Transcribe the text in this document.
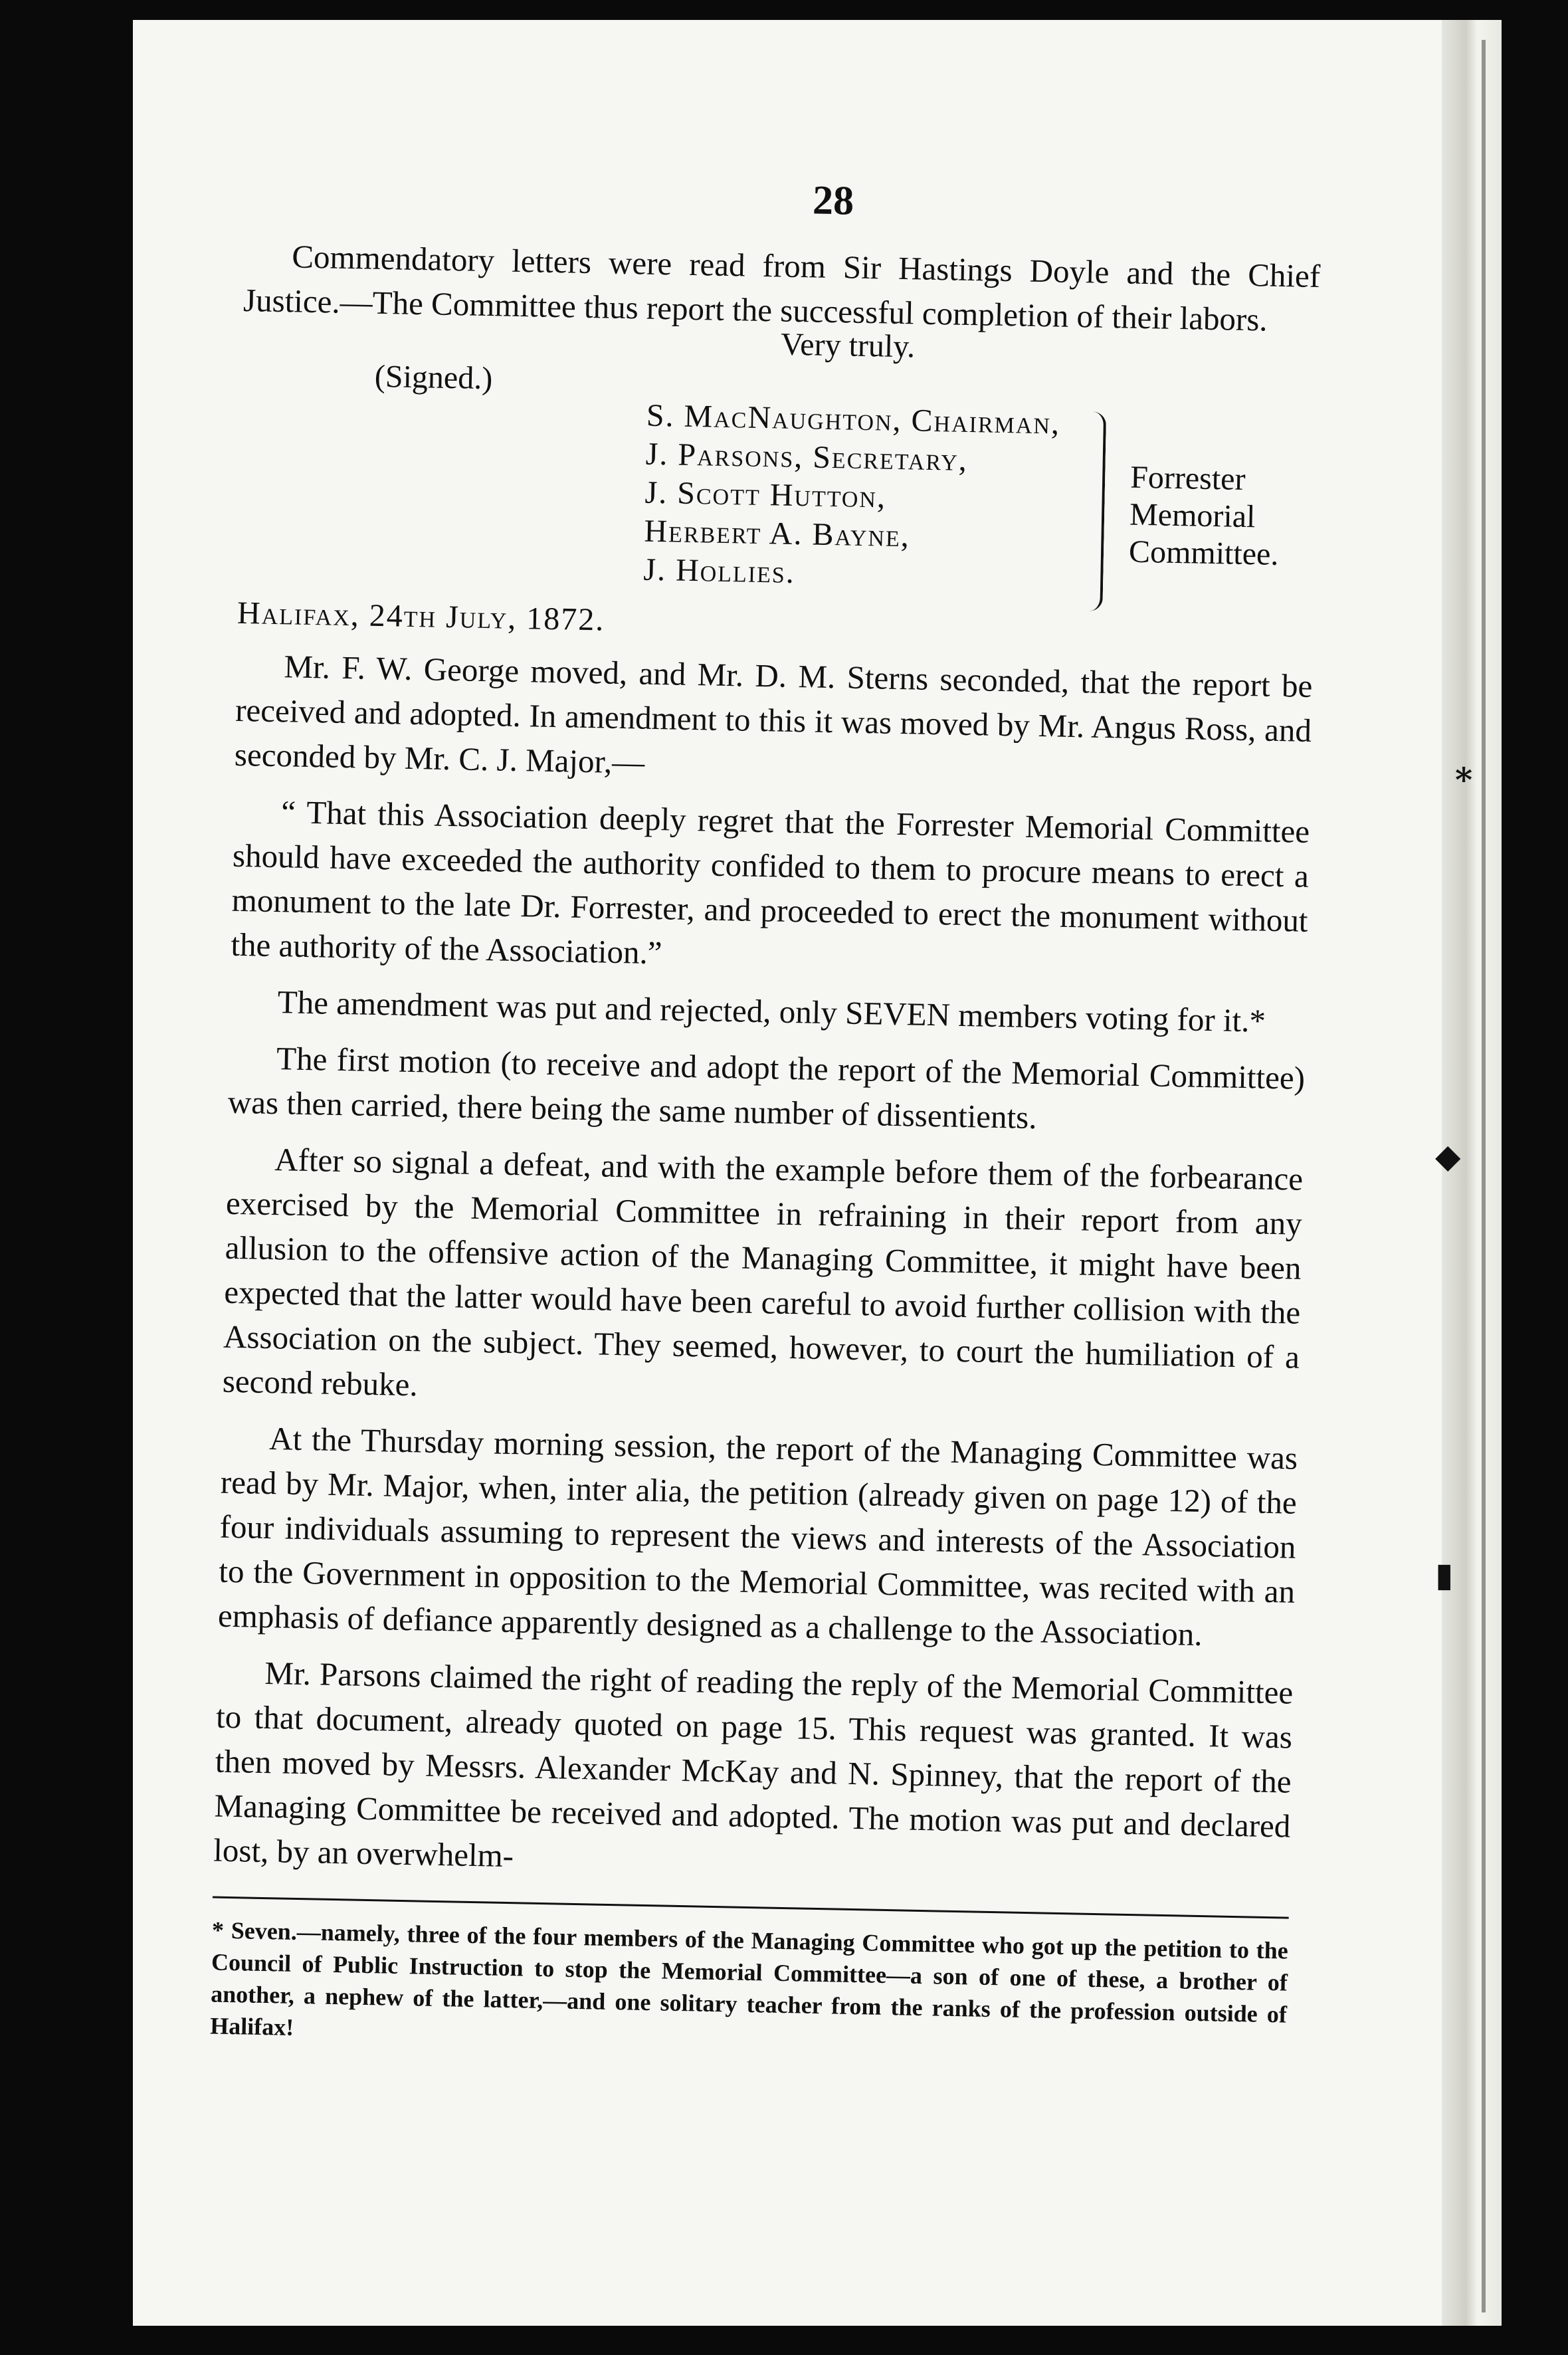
28

Commendatory letters were read from Sir Hastings Doyle and the Chief Justice.—The Committee thus report the successful completion of their labors.

Very truly.
(Signed.)
S. MacNaughton, Chairman,
J. Parsons, Secretary,
J. Scott Hutton,
Herbert A. Bayne,
J. Hollies.
Forrester
Memorial
Committee.
Halifax, 24th July, 1872.

Mr. F. W. George moved, and Mr. D. M. Sterns seconded, that the report be received and adopted. In amendment to this it was moved by Mr. Angus Ross, and seconded by Mr. C. J. Major,—

“ That this Association deeply regret that the Forrester Memorial Committee should have exceeded the authority confided to them to procure means to erect a monument to the late Dr. Forrester, and proceeded to erect the monument without the authority of the Association.”

The amendment was put and rejected, only SEVEN members voting for it.*

The first motion (to receive and adopt the report of the Memorial Committee) was then carried, there being the same number of dissentients.

After so signal a defeat, and with the example before them of the forbearance exercised by the Memorial Committee in refraining in their report from any allusion to the offensive action of the Managing Committee, it might have been expected that the latter would have been careful to avoid further collision with the Association on the subject. They seemed, however, to court the humiliation of a second rebuke.

At the Thursday morning session, the report of the Managing Committee was read by Mr. Major, when, inter alia, the petition (already given on page 12) of the four individuals assuming to represent the views and interests of the Association to the Government in opposition to the Memorial Committee, was recited with an emphasis of defiance apparently designed as a challenge to the Association.

Mr. Parsons claimed the right of reading the reply of the Memorial Committee to that document, already quoted on page 15. This request was granted. It was then moved by Messrs. Alexander McKay and N. Spinney, that the report of the Managing Committee be received and adopted. The motion was put and declared lost, by an overwhelm-

* Seven.—namely, three of the four members of the Managing Committee who got up the petition to the Council of Public Instruction to stop the Memorial Committee—a son of one of these, a brother of another, a nephew of the latter,—and one solitary teacher from the ranks of the profession outside of Halifax!
⁎
◆
▮
